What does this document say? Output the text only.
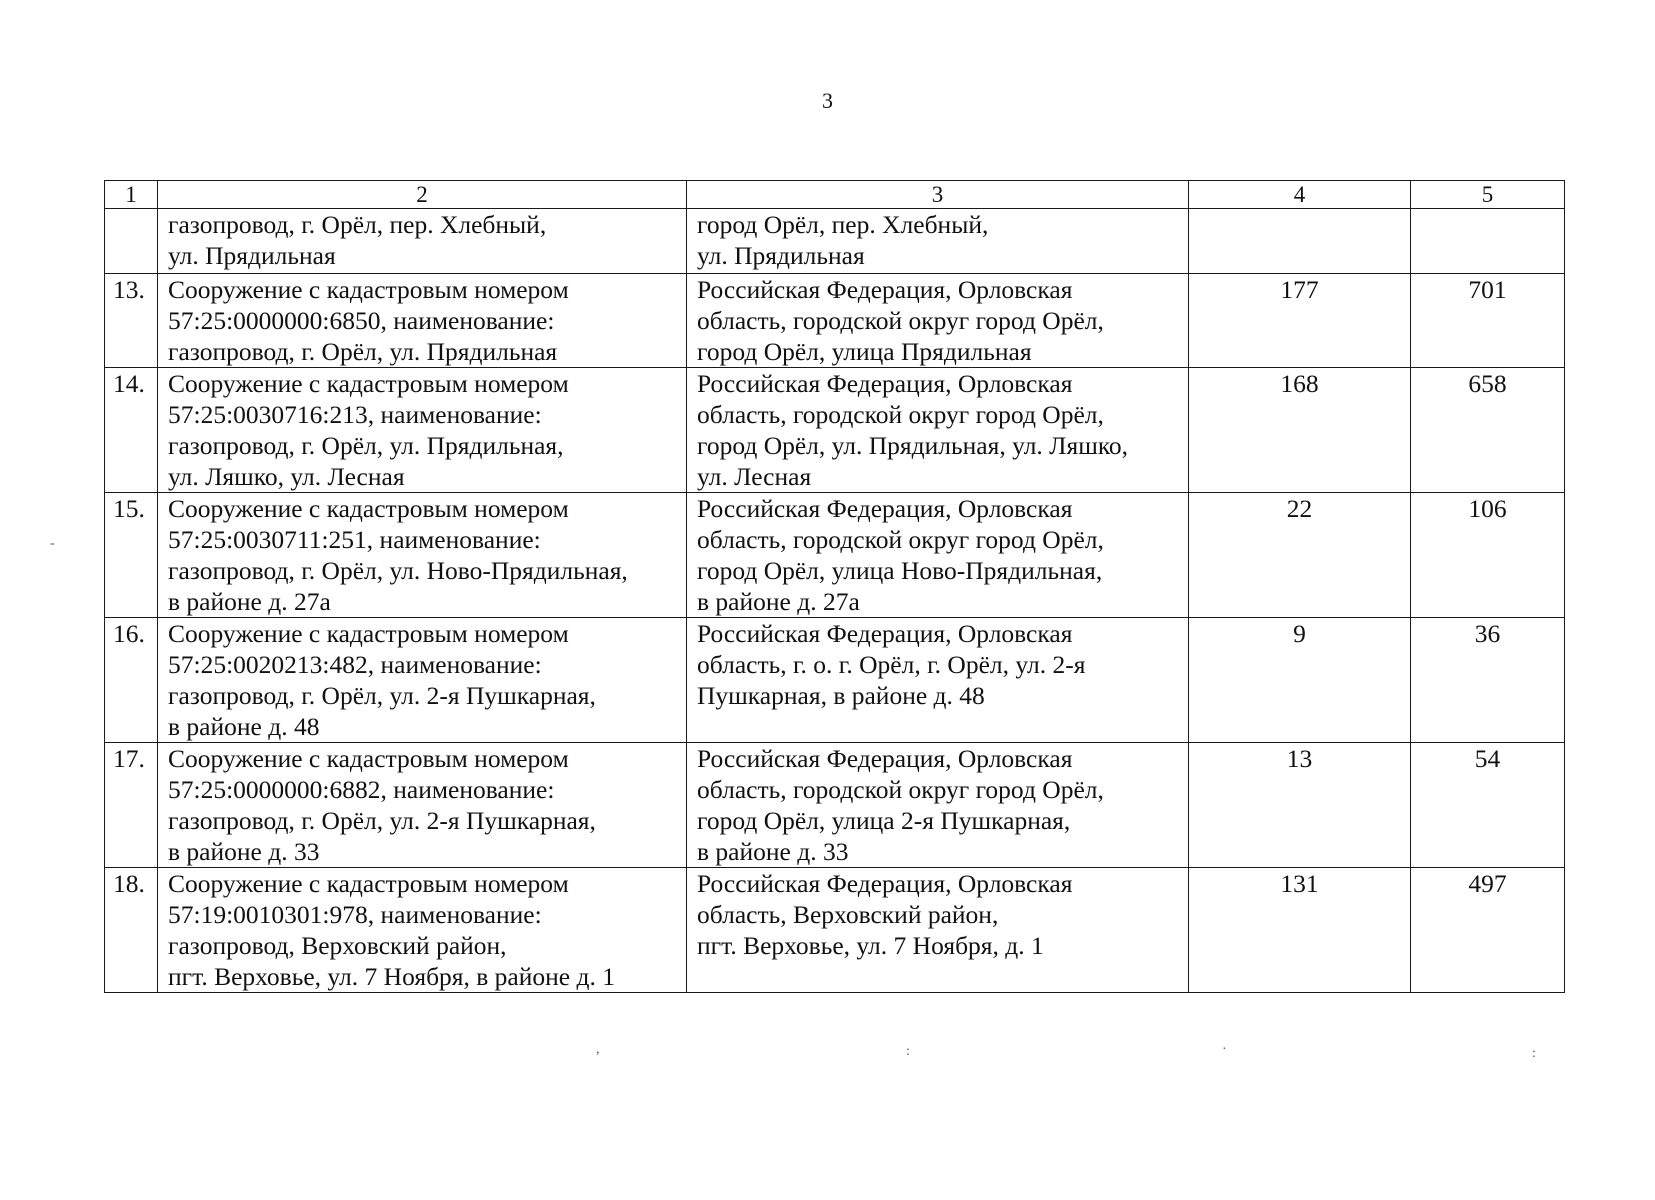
3
1	2	3	4	5

	газопровод, г. Орёл, пер. Хлебный,
ул. Прядильная	город Орёл, пер. Хлебный,
ул. Прядильная		

13.	Сооружение с кадастровым номером
57:25:0000000:6850, наименование:
газопровод, г. Орёл, ул. Прядильная	Российская Федерация, Орловская
область, городской округ город Орёл,
город Орёл, улица Прядильная	177	701
14.	Сооружение с кадастровым номером
57:25:0030716:213, наименование:
газопровод, г. Орёл, ул. Прядильная,
ул. Ляшко, ул. Лесная	Российская Федерация, Орловская
область, городской округ город Орёл,
город Орёл, ул. Прядильная, ул. Ляшко,
ул. Лесная	168	658
15.	Сооружение с кадастровым номером
57:25:0030711:251, наименование:
газопровод, г. Орёл, ул. Ново-Прядильная,
в районе д. 27а	Российская Федерация, Орловская
область, городской округ город Орёл,
город Орёл, улица Ново-Прядильная,
в районе д. 27а	22	106
16.	Сооружение с кадастровым номером
57:25:0020213:482, наименование:
газопровод, г. Орёл, ул. 2-я Пушкарная,
в районе д. 48	Российская Федерация, Орловская
область, г. о. г. Орёл, г. Орёл, ул. 2-я
Пушкарная, в районе д. 48	9	36
17.	Сооружение с кадастровым номером
57:25:0000000:6882, наименование:
газопровод, г. Орёл, ул. 2-я Пушкарная,
в районе д. 33	Российская Федерация, Орловская
область, городской округ город Орёл,
город Орёл, улица 2-я Пушкарная,
в районе д. 33	13	54
18.	Сооружение с кадастровым номером
57:19:0010301:978, наименование:
газопровод, Верховский район,
пгт. Верховье, ул. 7 Ноября, в районе д. 1	Российская Федерация, Орловская
область, Верховский район,
пгт. Верховье, ул. 7 Ноября, д. 1	131	497
-
,	:	·	:
